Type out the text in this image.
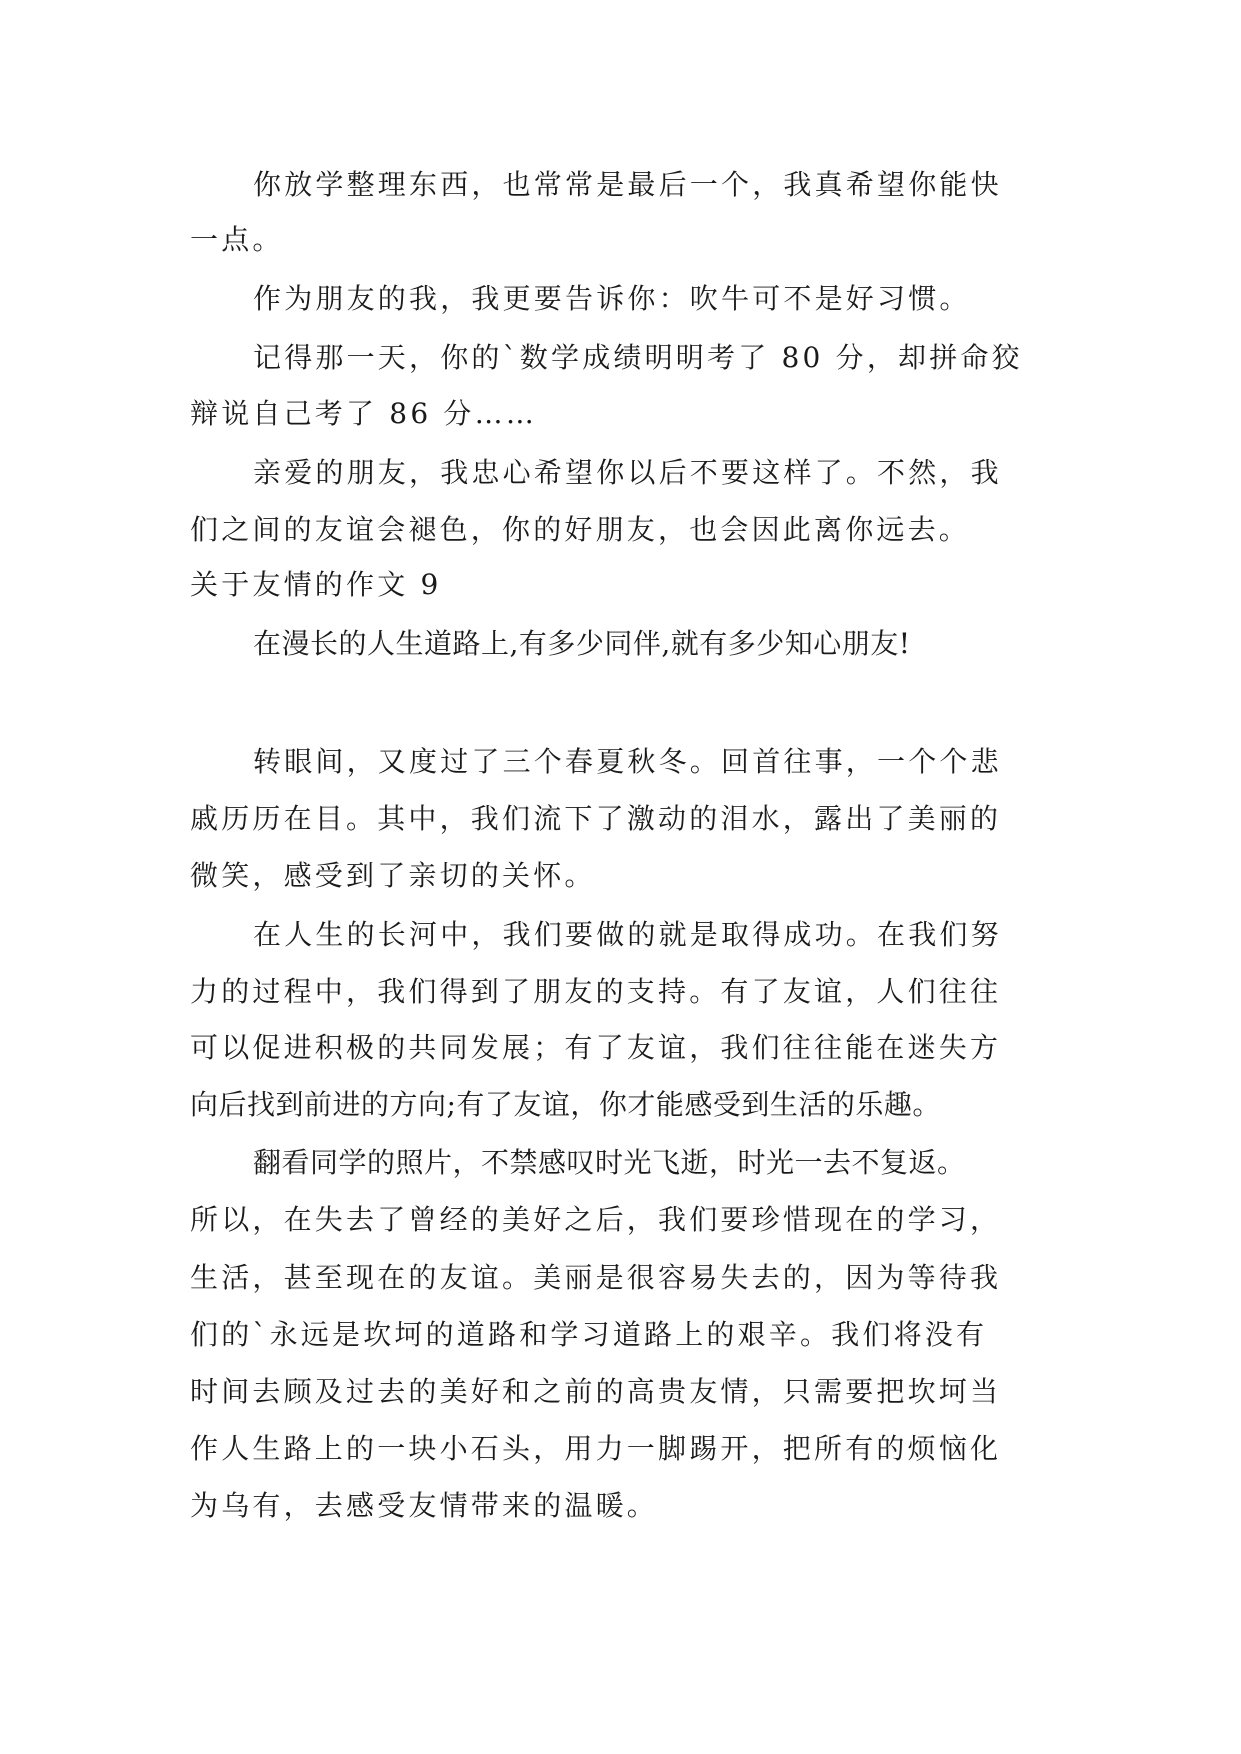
你放学整理东西，也常常是最后一个，我真希望你能快
一点。
作为朋友的我，我更要告诉你：吹牛可不是好习惯。
记得那一天，你的`数学成绩明明考了 80 分，却拼命狡
辩说自己考了 86 分……
亲爱的朋友，我忠心希望你以后不要这样了。不然，我
们之间的友谊会褪色，你的好朋友，也会因此离你远去。
关于友情的作文 9
在漫长的人生道路上,有多少同伴,就有多少知心朋友!
转眼间，又度过了三个春夏秋冬。回首往事，一个个悲
戚历历在目。其中，我们流下了激动的泪水，露出了美丽的
微笑，感受到了亲切的关怀。
在人生的长河中，我们要做的就是取得成功。在我们努
力的过程中，我们得到了朋友的支持。有了友谊，人们往往
可以促进积极的共同发展；有了友谊，我们往往能在迷失方
向后找到前进的方向;有了友谊，你才能感受到生活的乐趣。
翻看同学的照片，不禁感叹时光飞逝，时光一去不复返。
所以，在失去了曾经的美好之后，我们要珍惜现在的学习，
生活，甚至现在的友谊。美丽是很容易失去的，因为等待我
们的`永远是坎坷的道路和学习道路上的艰辛。我们将没有
时间去顾及过去的美好和之前的高贵友情，只需要把坎坷当
作人生路上的一块小石头，用力一脚踢开，把所有的烦恼化
为乌有，去感受友情带来的温暖。
